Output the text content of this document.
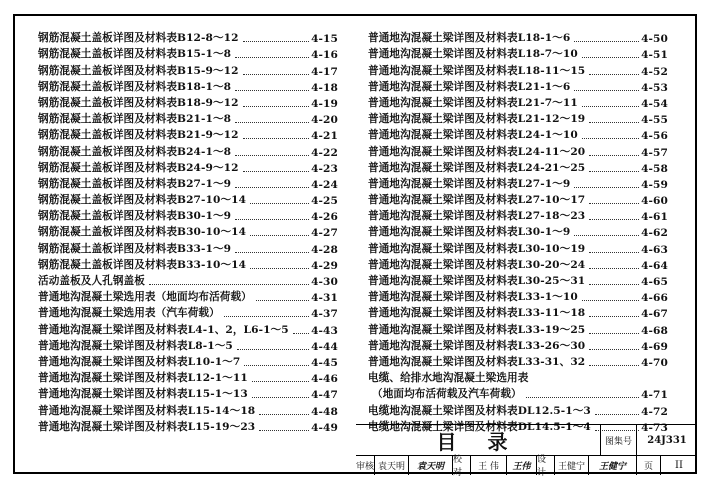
钢筋混凝土盖板详图及材料表B12-8～12	4-15
钢筋混凝土盖板详图及材料表B15-1～8	4-16
钢筋混凝土盖板详图及材料表B15-9～12	4-17
钢筋混凝土盖板详图及材料表B18-1～8	4-18
钢筋混凝土盖板详图及材料表B18-9～12	4-19
钢筋混凝土盖板详图及材料表B21-1～8	4-20
钢筋混凝土盖板详图及材料表B21-9～12	4-21
钢筋混凝土盖板详图及材料表B24-1～8	4-22
钢筋混凝土盖板详图及材料表B24-9～12	4-23
钢筋混凝土盖板详图及材料表B27-1～9	4-24
钢筋混凝土盖板详图及材料表B27-10～14	4-25
钢筋混凝土盖板详图及材料表B30-1～9	4-26
钢筋混凝土盖板详图及材料表B30-10～14	4-27
钢筋混凝土盖板详图及材料表B33-1～9	4-28
钢筋混凝土盖板详图及材料表B33-10～14	4-29
活动盖板及人孔钢盖板	4-30
普通地沟混凝土梁选用表（地面均布活荷载）	4-31
普通地沟混凝土梁选用表（汽车荷载）	4-37
普通地沟混凝土梁详图及材料表L4-1、2，L6-1～5 4-43
普通地沟混凝土梁详图及材料表L8-1～5	4-44
普通地沟混凝土梁详图及材料表L10-1～7	4-45
普通地沟混凝土梁详图及材料表L12-1～11	4-46
普通地沟混凝土梁详图及材料表L15-1～13	4-47
普通地沟混凝土梁详图及材料表L15-14～18	4-48
普通地沟混凝土梁详图及材料表L15-19～23	4-49
普通地沟混凝土梁详图及材料表L18-1～6	4-50
普通地沟混凝土梁详图及材料表L18-7～10	4-51
普通地沟混凝土梁详图及材料表L18-11～15	4-52
普通地沟混凝土梁详图及材料表L21-1～6	4-53
普通地沟混凝土梁详图及材料表L21-7～11	4-54
普通地沟混凝土梁详图及材料表L21-12～19	4-55
普通地沟混凝土梁详图及材料表L24-1～10	4-56
普通地沟混凝土梁详图及材料表L24-11～20	4-57
普通地沟混凝土梁详图及材料表L24-21～25	4-58
普通地沟混凝土梁详图及材料表L27-1～9	4-59
普通地沟混凝土梁详图及材料表L27-10～17	4-60
普通地沟混凝土梁详图及材料表L27-18～23	4-61
普通地沟混凝土梁详图及材料表L30-1～9	4-62
普通地沟混凝土梁详图及材料表L30-10～19	4-63
普通地沟混凝土梁详图及材料表L30-20～24	4-64
普通地沟混凝土梁详图及材料表L30-25～31	4-65
普通地沟混凝土梁详图及材料表L33-1～10	4-66
普通地沟混凝土梁详图及材料表L33-11～18	4-67
普通地沟混凝土梁详图及材料表L33-19～25	4-68
普通地沟混凝土梁详图及材料表L33-26～30	4-69
普通地沟混凝土梁详图及材料表L33-31、32	4-70
电缆、给排水地沟混凝土梁选用表
（地面均布活荷载及汽车荷载）	4-71
电缆地沟混凝土梁详图及材料表DL12.5-1～3	4-72
电缆地沟混凝土梁详图及材料表DL14.5-1～4	4-73
目 录	图集号	24J331
审核 袁天明	袁天明
校对
王 伟	王伟
设计
王健宁	王健宁	页	II
